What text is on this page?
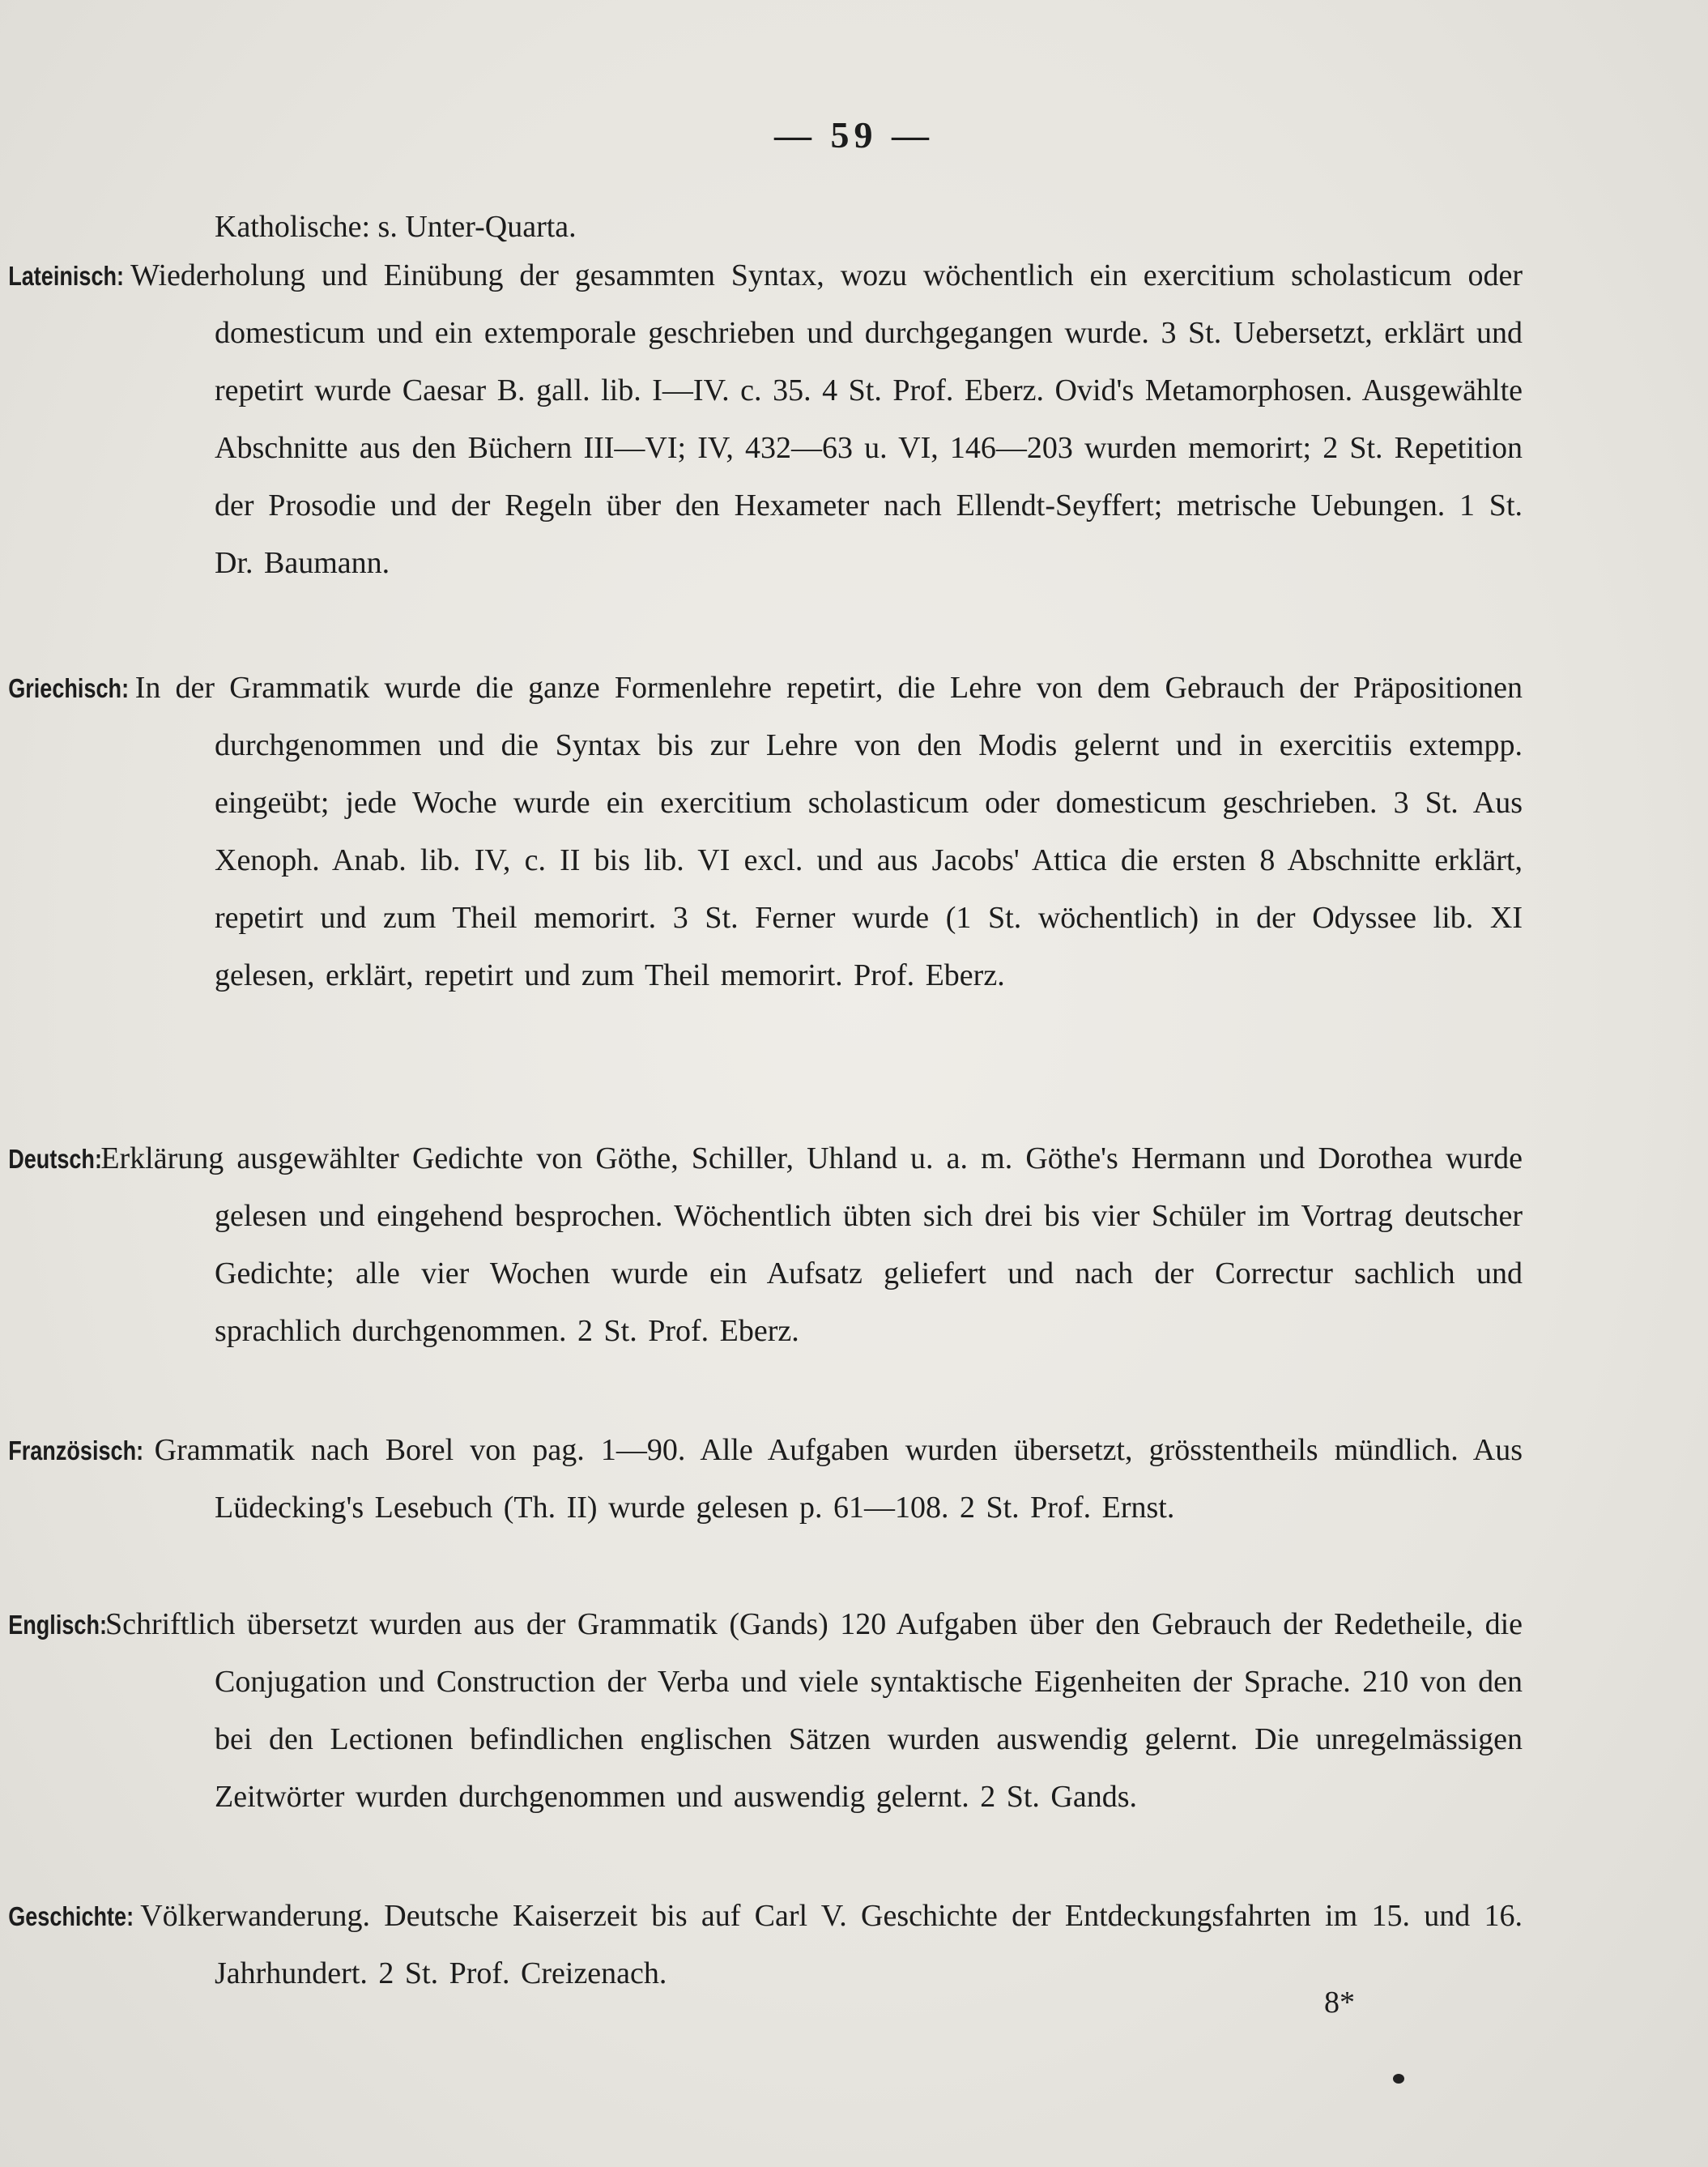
— 59 —
Katholische: s. Unter-Quarta.
Lateinisch: Wiederholung und Einübung der gesammten Syntax, wozu wöchentlich ein exercitium scholasticum oder domesticum und ein extemporale geschrieben und durchgegangen wurde. 3 St. Uebersetzt, erklärt und repetirt wurde Caesar B. gall. lib. I—IV. c. 35. 4 St. Prof. Eberz. Ovid's Metamorphosen. Ausgewählte Abschnitte aus den Büchern III—VI; IV, 432—63 u. VI, 146—203 wurden memorirt; 2 St. Repetition der Prosodie und der Regeln über den Hexameter nach Ellendt-Seyffert; metrische Uebungen. 1 St. Dr. Baumann.
Griechisch: In der Grammatik wurde die ganze Formenlehre repetirt, die Lehre von dem Gebrauch der Präpositionen durchgenommen und die Syntax bis zur Lehre von den Modis gelernt und in exercitiis extempp. eingeübt; jede Woche wurde ein exercitium scholasticum oder domesticum geschrieben. 3 St. Aus Xenoph. Anab. lib. IV, c. II bis lib. VI excl. und aus Jacobs' Attica die ersten 8 Abschnitte erklärt, repetirt und zum Theil memorirt. 3 St. Ferner wurde (1 St. wöchentlich) in der Odyssee lib. XI gelesen, erklärt, repetirt und zum Theil memorirt. Prof. Eberz.
Deutsch: Erklärung ausgewählter Gedichte von Göthe, Schiller, Uhland u. a. m. Göthe's Hermann und Dorothea wurde gelesen und eingehend besprochen. Wöchentlich übten sich drei bis vier Schüler im Vortrag deutscher Gedichte; alle vier Wochen wurde ein Aufsatz geliefert und nach der Correctur sachlich und sprachlich durchgenommen. 2 St. Prof. Eberz.
Französisch: Grammatik nach Borel von pag. 1—90. Alle Aufgaben wurden übersetzt, grösstentheils mündlich. Aus Lüdecking's Lesebuch (Th. II) wurde gelesen p. 61—108. 2 St. Prof. Ernst.
Englisch: Schriftlich übersetzt wurden aus der Grammatik (Gands) 120 Aufgaben über den Gebrauch der Redetheile, die Conjugation und Construction der Verba und viele syntaktische Eigenheiten der Sprache. 210 von den bei den Lectionen befindlichen englischen Sätzen wurden auswendig gelernt. Die unregelmässigen Zeitwörter wurden durchgenommen und auswendig gelernt. 2 St. Gands.
Geschichte: Völkerwanderung. Deutsche Kaiserzeit bis auf Carl V. Geschichte der Entdeckungsfahrten im 15. und 16. Jahrhundert. 2 St. Prof. Creizenach.
8*
